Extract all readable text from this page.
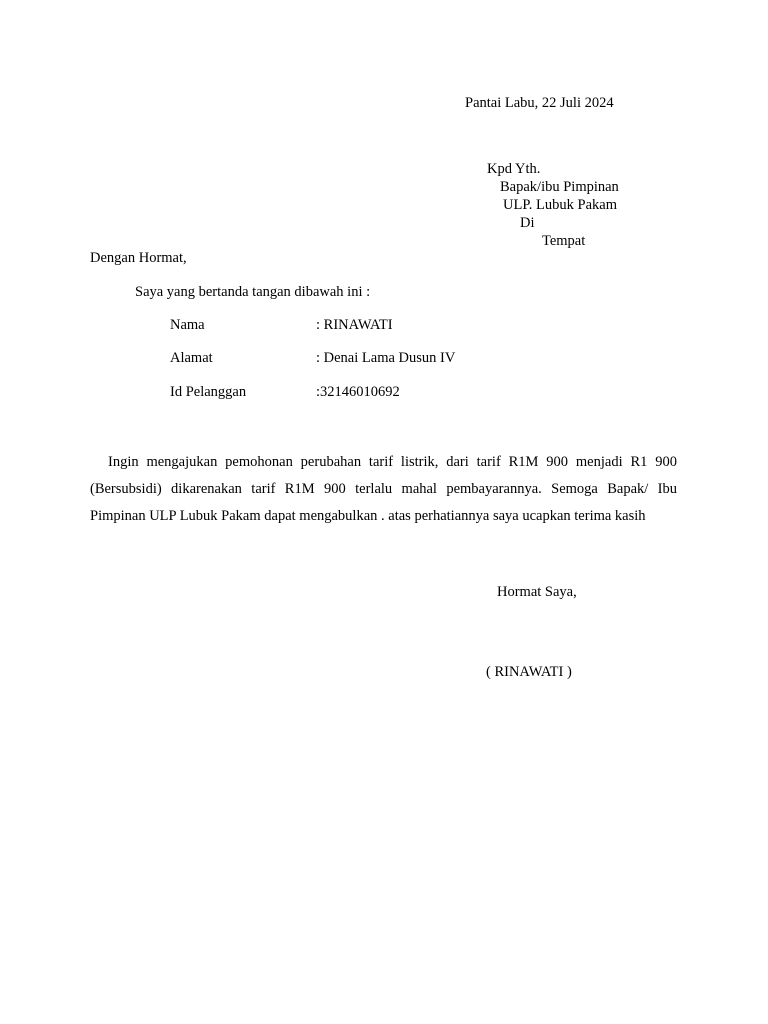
Pantai Labu, 22 Juli 2024
Kpd Yth.
Bapak/ibu Pimpinan
ULP. Lubuk Pakam
Di
Tempat
Dengan Hormat,
Saya yang bertanda tangan dibawah ini :
Nama	: RINAWATI
Alamat	: Denai Lama Dusun IV
Id Pelanggan	:32146010692
Ingin mengajukan pemohonan perubahan tarif listrik, dari tarif R1M 900 menjadi R1 900 (Bersubsidi) dikarenakan tarif R1M 900 terlalu mahal pembayarannya. Semoga Bapak/ Ibu Pimpinan ULP Lubuk Pakam dapat mengabulkan . atas perhatiannya saya ucapkan terima kasih
Hormat Saya,
( RINAWATI )
